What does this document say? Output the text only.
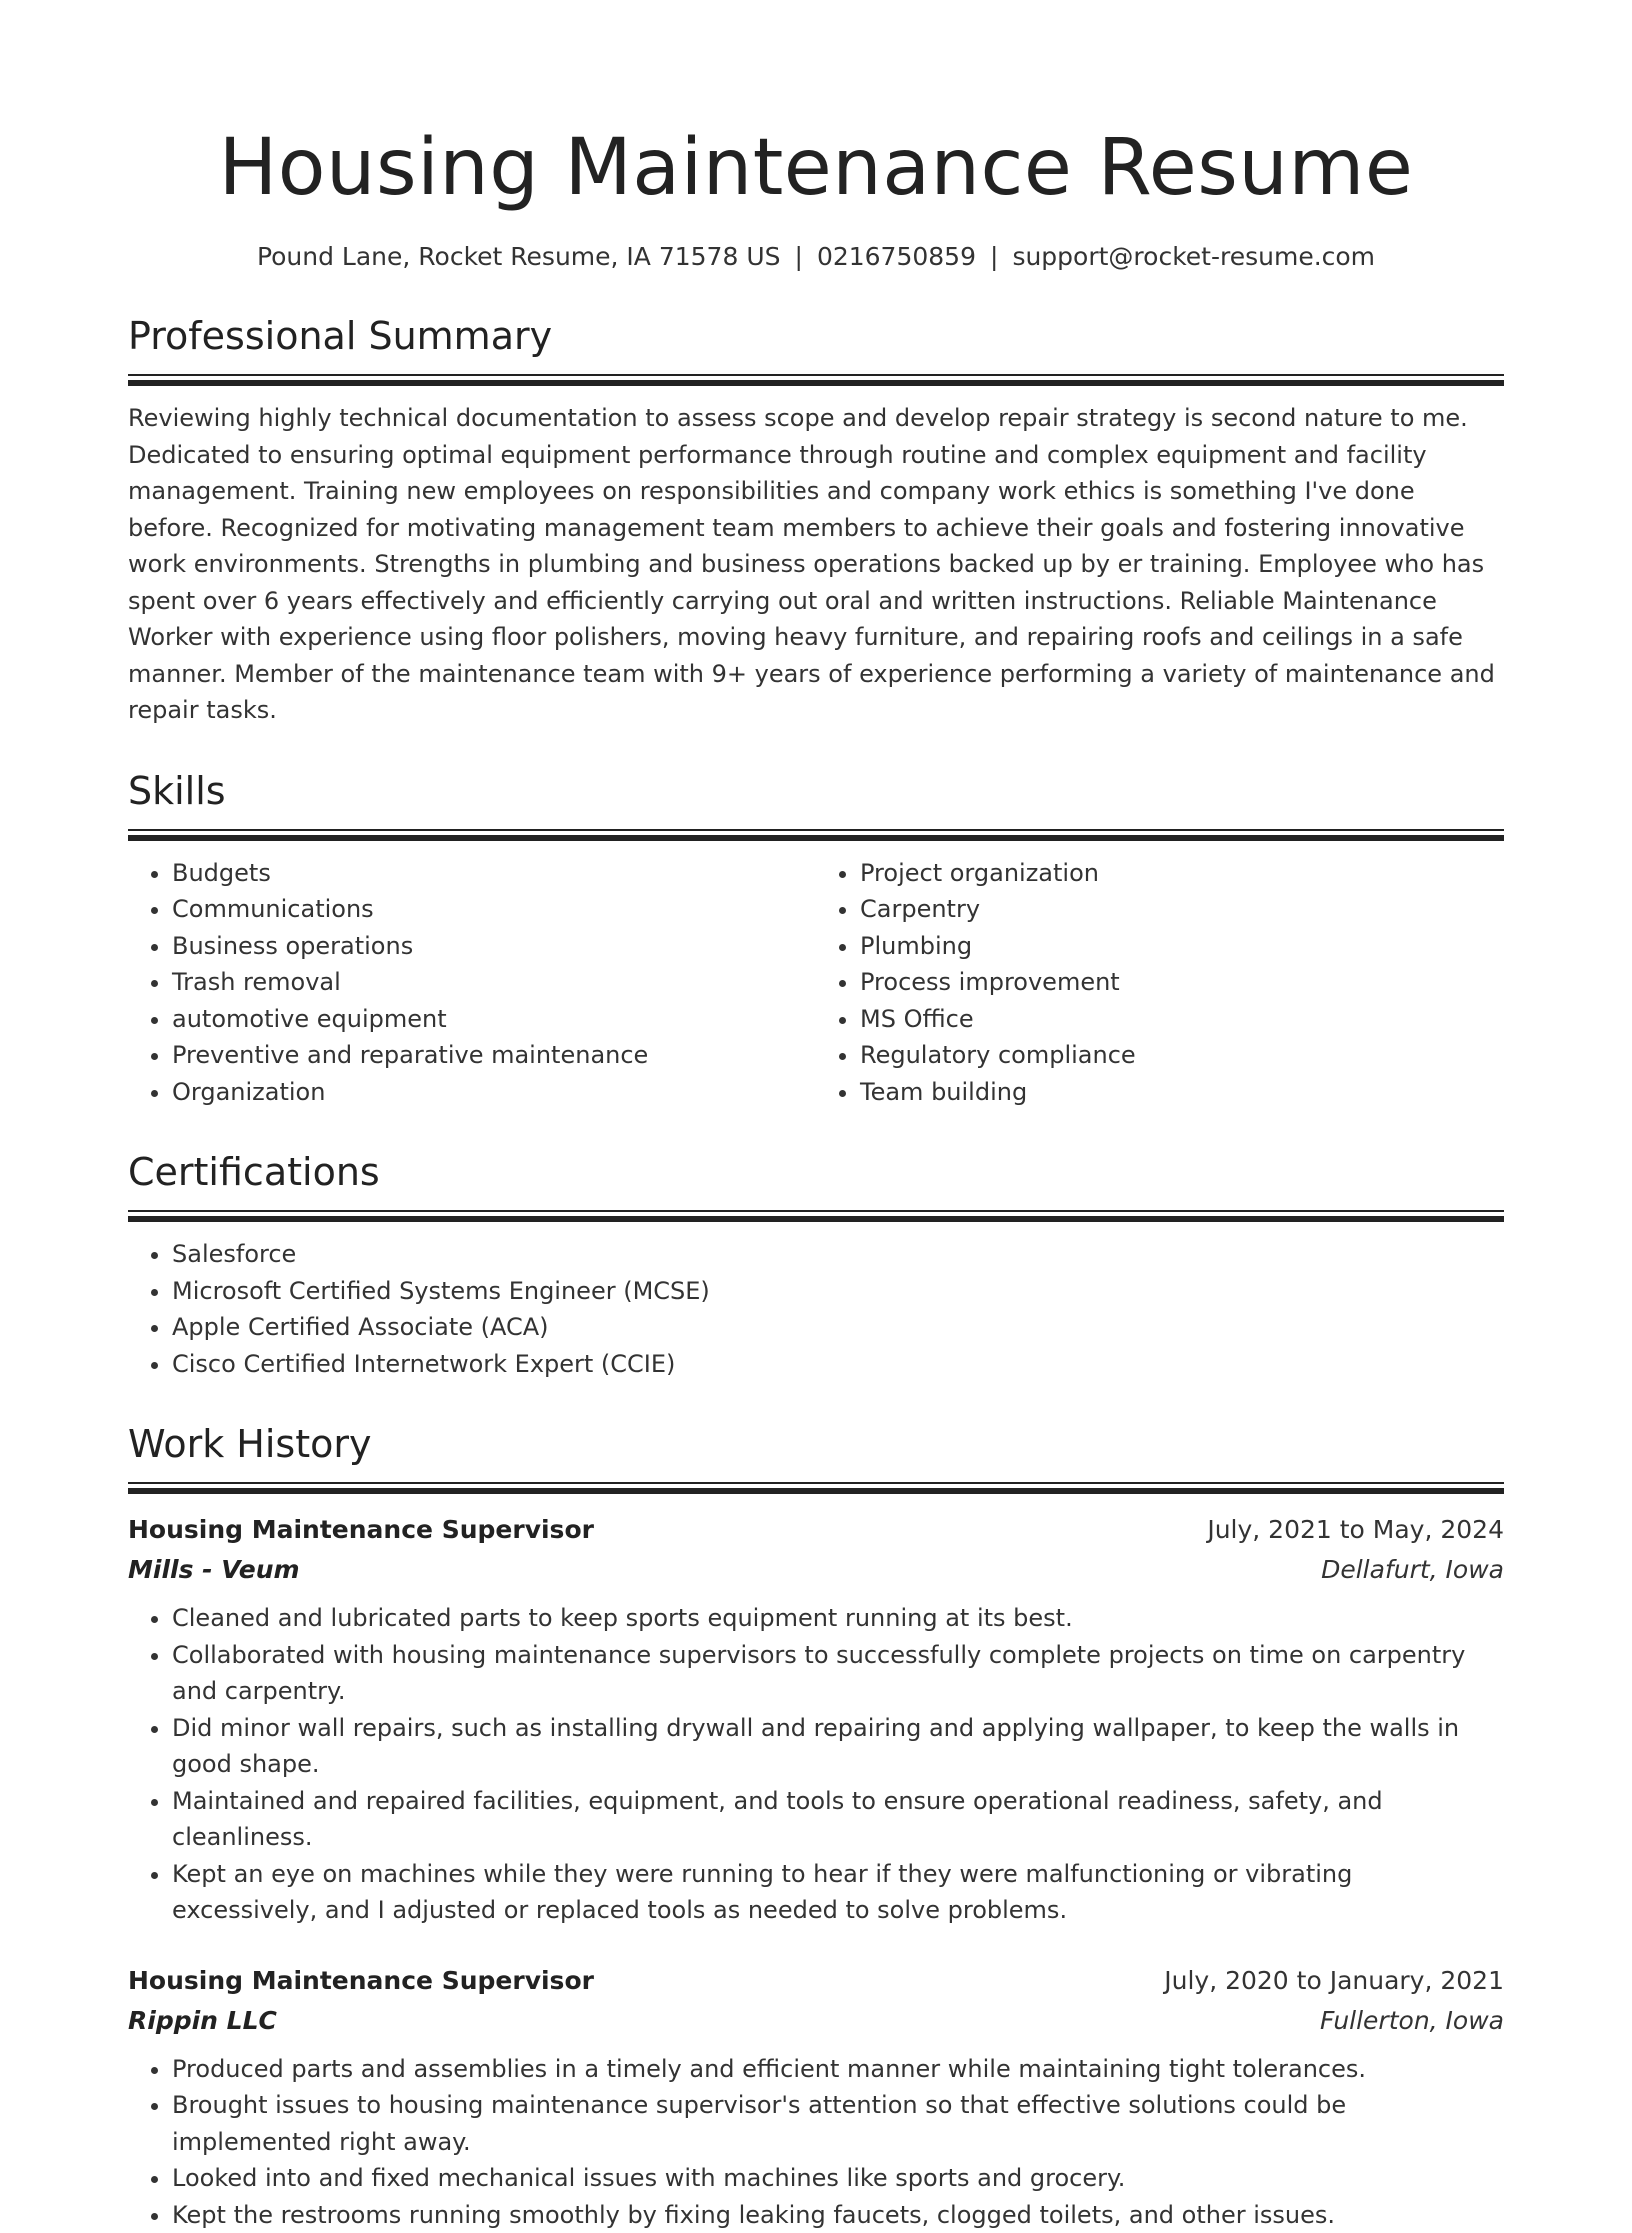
Housing Maintenance Resume
Pound Lane, Rocket Resume, IA 71578 US | 0216750859 | support@rocket-resume.com
Professional Summary
Reviewing highly technical documentation to assess scope and develop repair strategy is second nature to me. Dedicated to ensuring optimal equipment performance through routine and complex equipment and facility management. Training new employees on responsibilities and company work ethics is something I've done before. Recognized for motivating management team members to achieve their goals and fostering innovative work environments. Strengths in plumbing and business operations backed up by er training. Employee who has spent over 6 years effectively and efficiently carrying out oral and written instructions. Reliable Maintenance Worker with experience using floor polishers, moving heavy furniture, and repairing roofs and ceilings in a safe manner. Member of the maintenance team with 9+ years of experience performing a variety of maintenance and repair tasks.
Skills
• Budgets
• Communications
• Business operations
• Trash removal
• automotive equipment
• Preventive and reparative maintenance
• Organization
• Project organization
• Carpentry
• Plumbing
• Process improvement
• MS Office
• Regulatory compliance
• Team building
Certifications
• Salesforce
• Microsoft Certified Systems Engineer (MCSE)
• Apple Certified Associate (ACA)
• Cisco Certified Internetwork Expert (CCIE)
Work History
Housing Maintenance Supervisor	July, 2021 to May, 2024
Mills - Veum	Dellafurt, Iowa
• Cleaned and lubricated parts to keep sports equipment running at its best.
• Collaborated with housing maintenance supervisors to successfully complete projects on time on carpentry and carpentry.
• Did minor wall repairs, such as installing drywall and repairing and applying wallpaper, to keep the walls in good shape.
• Maintained and repaired facilities, equipment, and tools to ensure operational readiness, safety, and cleanliness.
• Kept an eye on machines while they were running to hear if they were malfunctioning or vibrating excessively, and I adjusted or replaced tools as needed to solve problems.
Housing Maintenance Supervisor	July, 2020 to January, 2021
Rippin LLC	Fullerton, Iowa
• Produced parts and assemblies in a timely and efficient manner while maintaining tight tolerances.
• Brought issues to housing maintenance supervisor's attention so that effective solutions could be implemented right away.
• Looked into and fixed mechanical issues with machines like sports and grocery.
• Kept the restrooms running smoothly by fixing leaking faucets, clogged toilets, and other issues.
